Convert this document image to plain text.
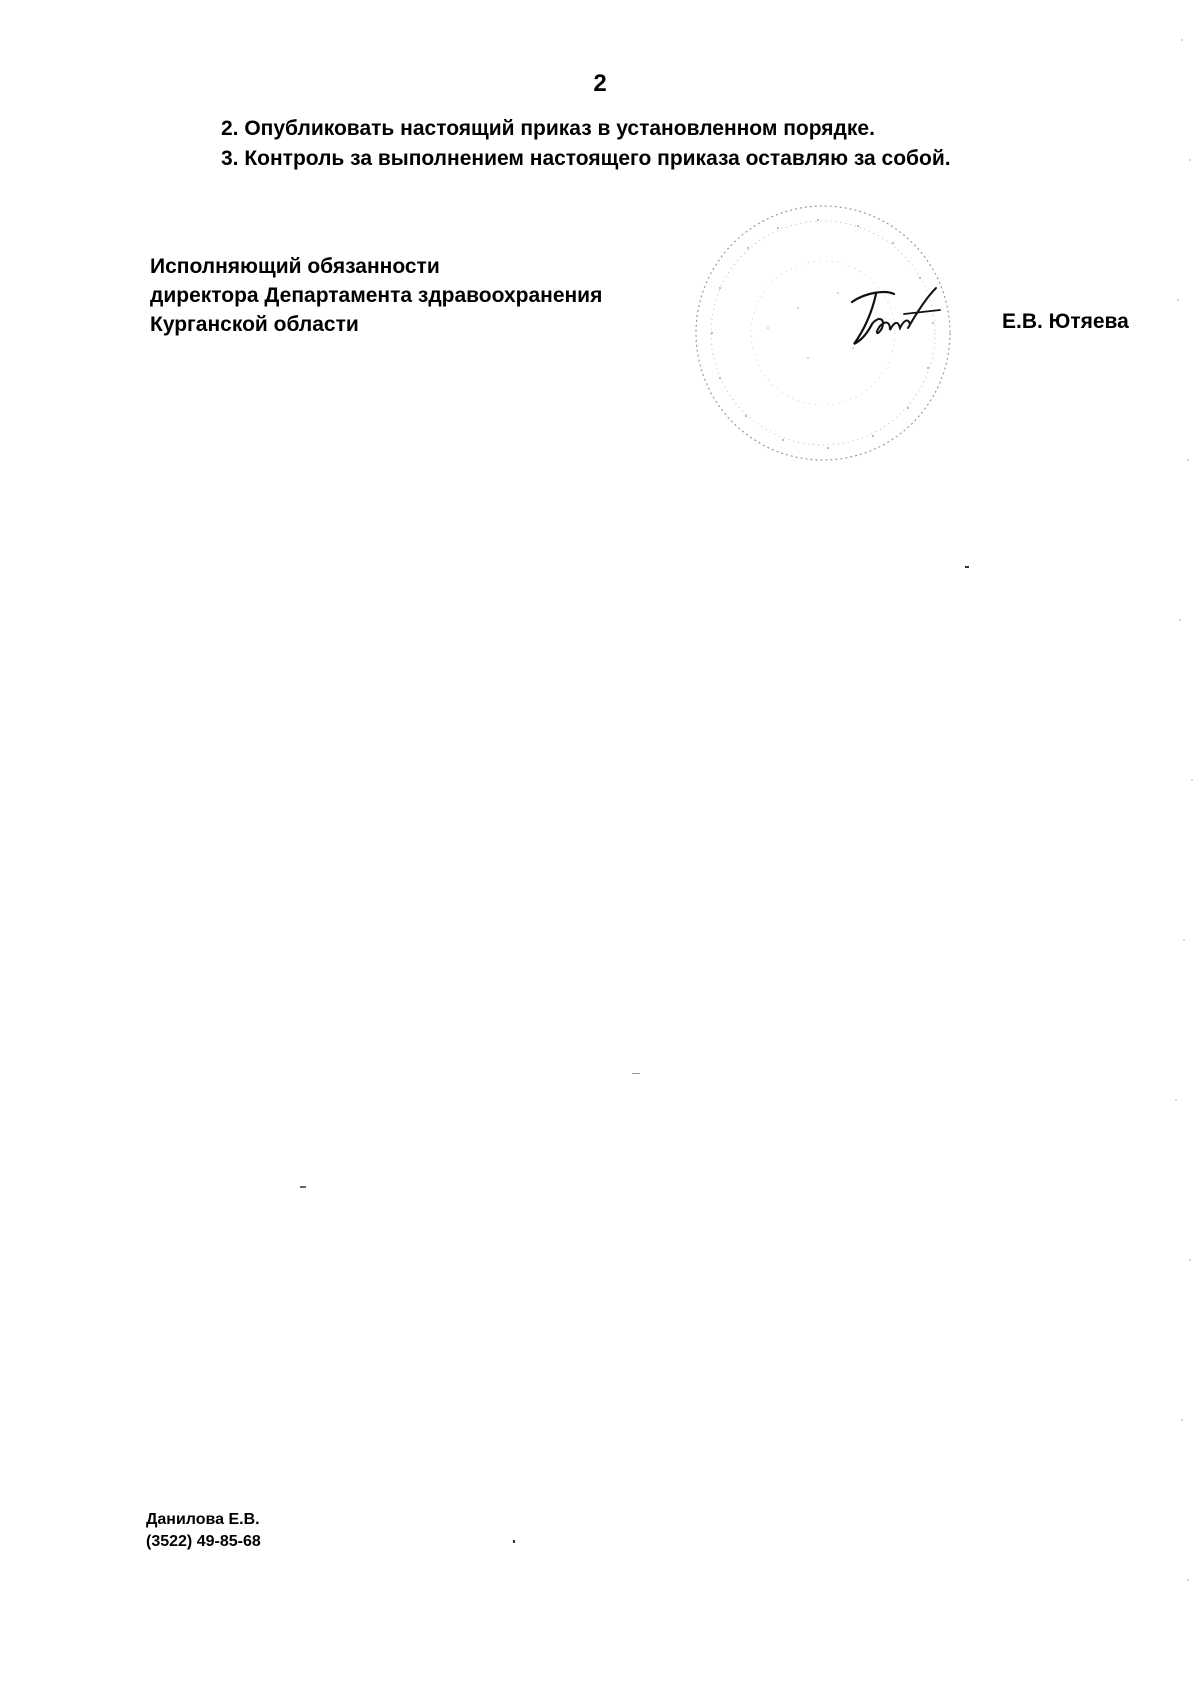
2
2. Опубликовать настоящий приказ в установленном порядке.
3. Контроль за выполнением настоящего приказа оставляю за собой.
Исполняющий обязанности
директора Департамента здравоохранения
Курганской области	Е.В. Ютяева
Данилова Е.В.
(3522) 49-85-68
